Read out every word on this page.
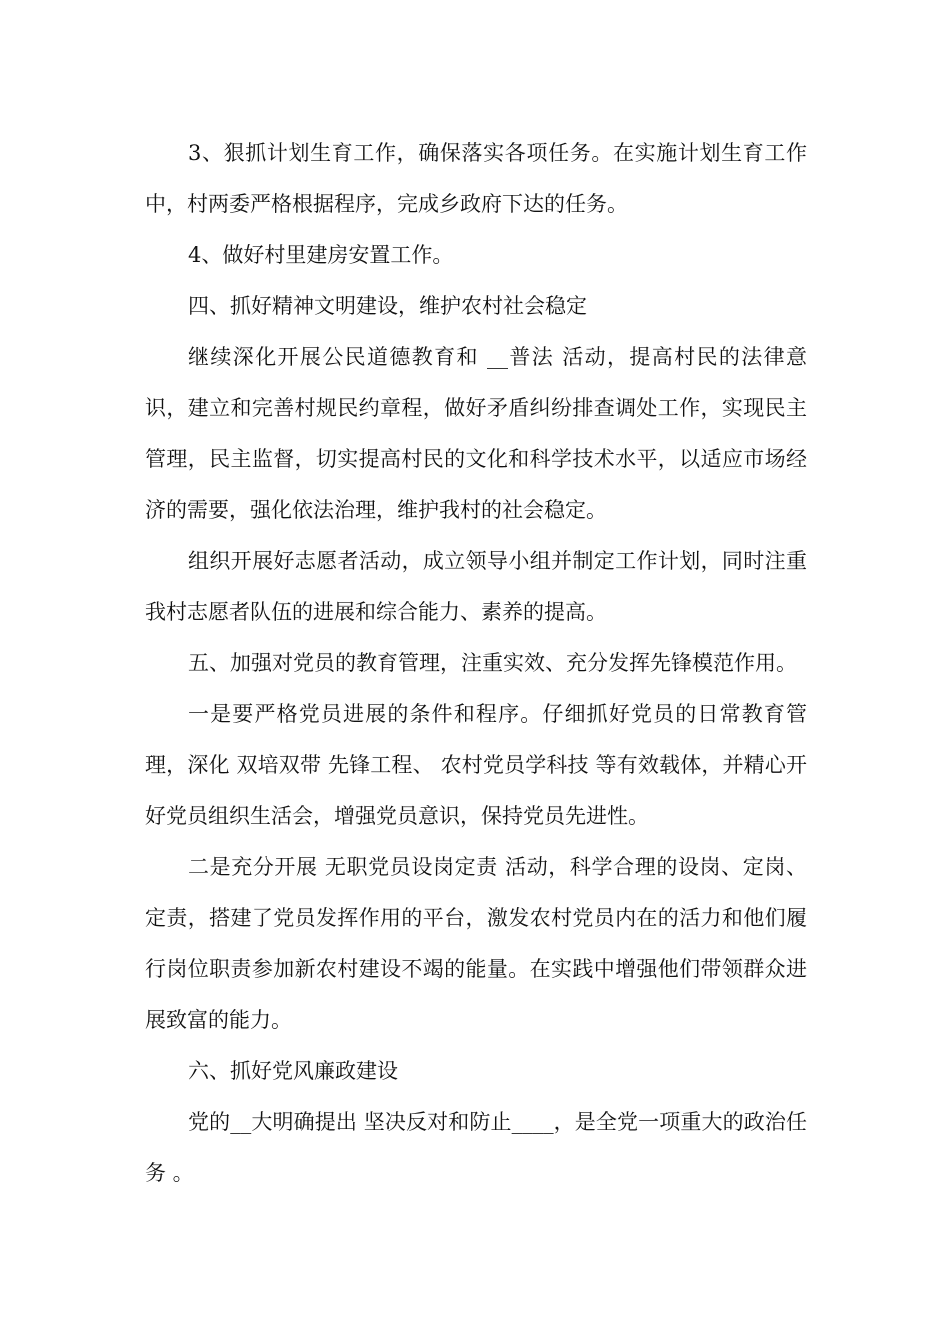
3、狠抓计划生育工作，确保落实各项任务。在实施计划生育工作中，村两委严格根据程序，完成乡政府下达的任务。

4、做好村里建房安置工作。

四、抓好精神文明建设，维护农村社会稳定

继续深化开展公民道德教育和 __普法 活动，提高村民的法律意识，建立和完善村规民约章程，做好矛盾纠纷排查调处工作，实现民主管理，民主监督，切实提高村民的文化和科学技术水平，以适应市场经济的需要，强化依法治理，维护我村的社会稳定。

组织开展好志愿者活动，成立领导小组并制定工作计划，同时注重我村志愿者队伍的进展和综合能力、素养的提高。

五、加强对党员的教育管理，注重实效、充分发挥先锋模范作用。

一是要严格党员进展的条件和程序。仔细抓好党员的日常教育管理，深化 双培双带 先锋工程、 农村党员学科技 等有效载体，并精心开好党员组织生活会，增强党员意识，保持党员先进性。

二是充分开展 无职党员设岗定责 活动，科学合理的设岗、定岗、定责，搭建了党员发挥作用的平台，激发农村党员内在的活力和他们履行岗位职责参加新农村建设不竭的能量。在实践中增强他们带领群众进展致富的能力。

六、抓好党风廉政建设

党的__大明确提出 坚决反对和防止____，是全党一项重大的政治任务 。
